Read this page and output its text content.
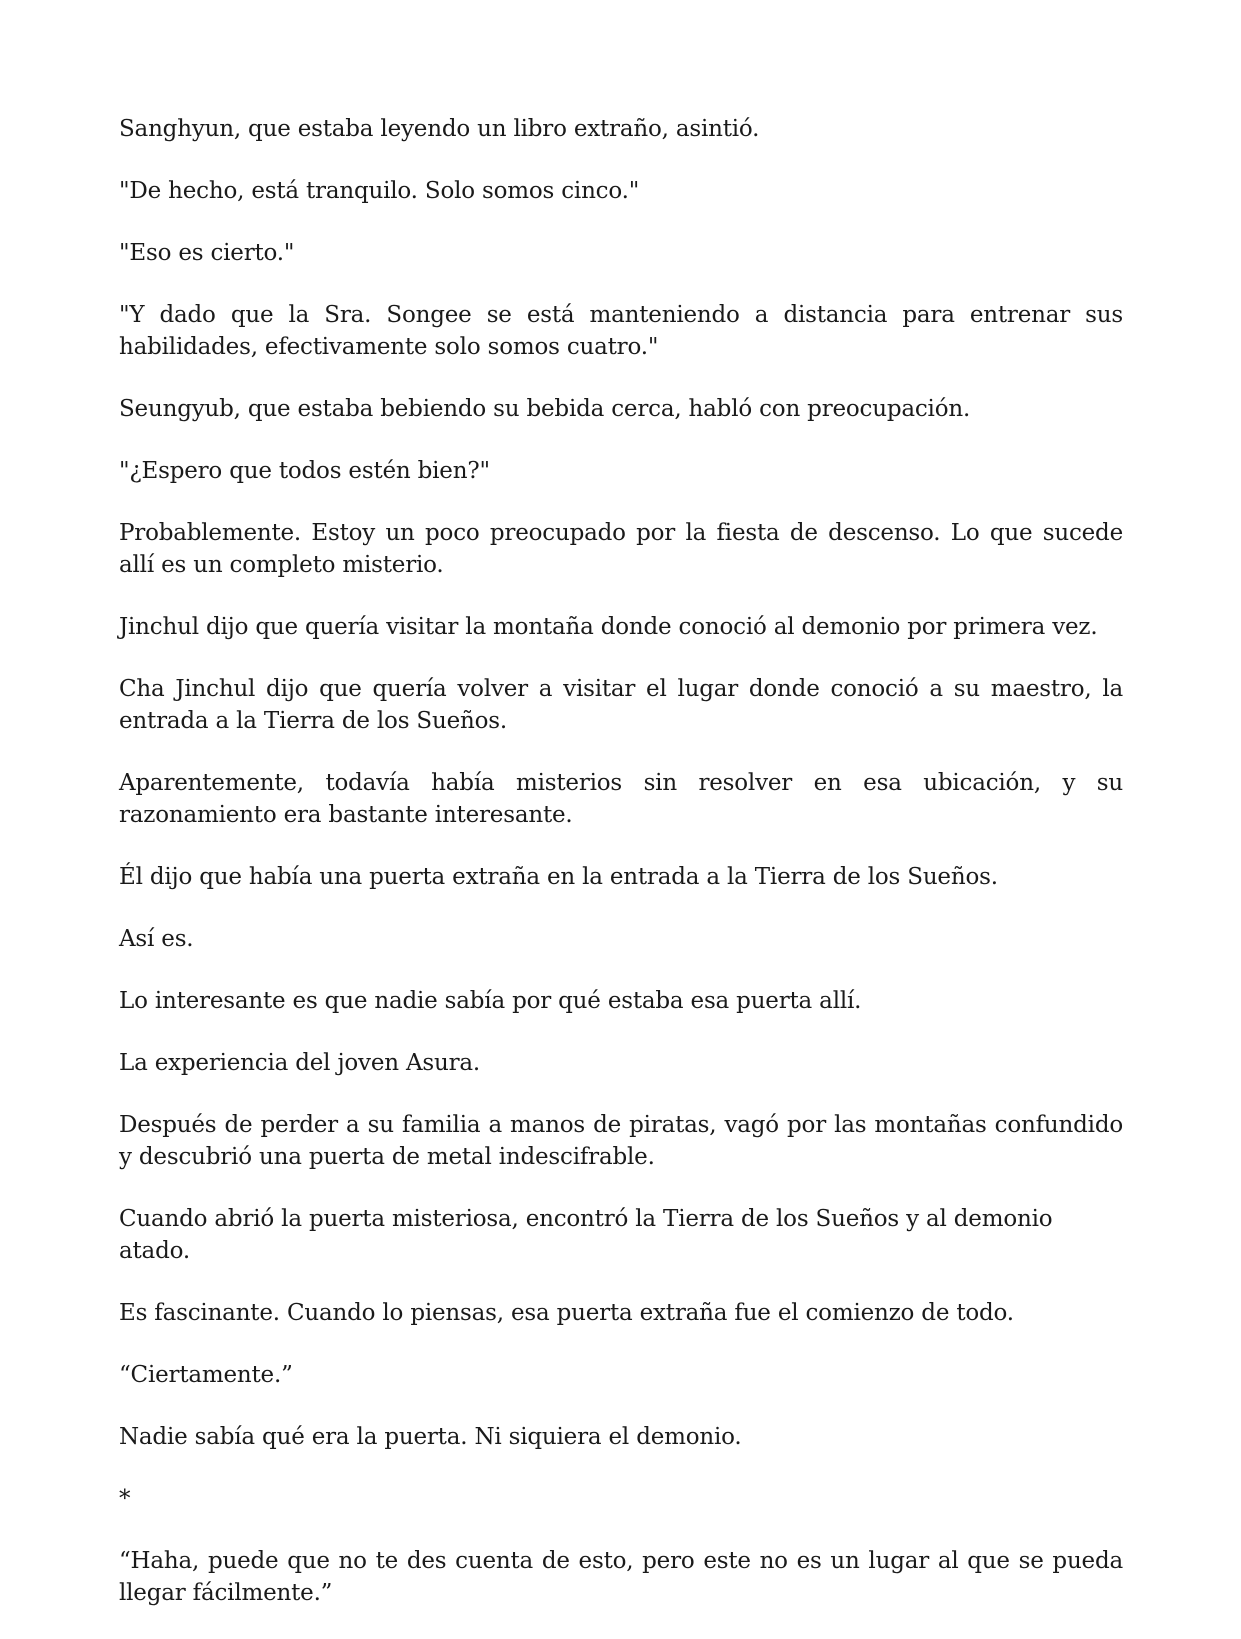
Sanghyun, que estaba leyendo un libro extraño, asintió.

"De hecho, está tranquilo. Solo somos cinco."

"Eso es cierto."

"Y dado que la Sra. Songee se está manteniendo a distancia para entrenar sus habilidades, efectivamente solo somos cuatro."

Seungyub, que estaba bebiendo su bebida cerca, habló con preocupación.

"¿Espero que todos estén bien?"

Probablemente. Estoy un poco preocupado por la fiesta de descenso. Lo que sucede allí es un completo misterio.

Jinchul dijo que quería visitar la montaña donde conoció al demonio por primera vez.

Cha Jinchul dijo que quería volver a visitar el lugar donde conoció a su maestro, la entrada a la Tierra de los Sueños.

Aparentemente, todavía había misterios sin resolver en esa ubicación, y su razonamiento era bastante interesante.

Él dijo que había una puerta extraña en la entrada a la Tierra de los Sueños.

Así es.

Lo interesante es que nadie sabía por qué estaba esa puerta allí.

La experiencia del joven Asura.

Después de perder a su familia a manos de piratas, vagó por las montañas confundido y descubrió una puerta de metal indescifrable.

Cuando abrió la puerta misteriosa, encontró la Tierra de los Sueños y al demonio atado.

Es fascinante. Cuando lo piensas, esa puerta extraña fue el comienzo de todo.

“Ciertamente.”

Nadie sabía qué era la puerta. Ni siquiera el demonio.

*

“Haha, puede que no te des cuenta de esto, pero este no es un lugar al que se pueda llegar fácilmente.”
